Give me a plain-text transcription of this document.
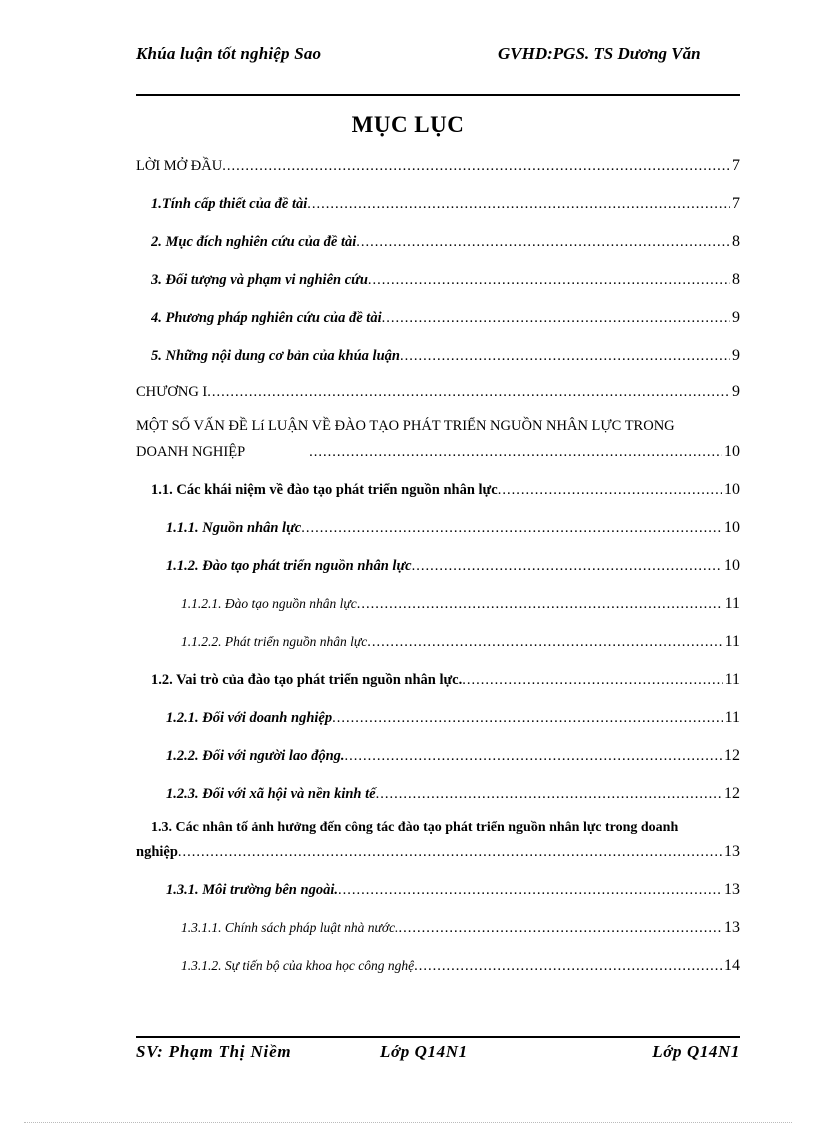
Khúa luận tốt nghiệp Sao	GVHD:PGS. TS Dương Văn
MỤC LỤC
LỜI MỞ ĐẦU .....	7
1.Tính cấp thiết của đề tài .....	7
2. Mục đích nghiên cứu của đề tài .....	8
3. Đối tượng và phạm vi nghiên cứu .....	8
4. Phương pháp nghiên cứu của đề tài .....	9
5. Những nội dung cơ bản của khúa luận .....	9
CHƯƠNG I .....	9
MỘT SỐ VẤN ĐỀ Lí LUẬN VỀ ĐÀO TẠO PHÁT TRIỂN NGUỒN NHÂN LỰC TRONG
DOANH NGHIỆP .....	10
1.1. Các khái niệm về đào tạo phát triển nguồn nhân lực .....	10
1.1.1. Nguồn nhân lực .....	10
1.1.2. Đào tạo phát triển nguồn nhân lực .....	10
1.1.2.1. Đào tạo nguồn nhân lực .....	11
1.1.2.2. Phát triển nguồn nhân lực .....	11
1.2. Vai trò của đào tạo phát triển nguồn nhân lực. .....	11
1.2.1. Đối với doanh nghiệp .....	11
1.2.2. Đối với người lao động. .....	12
1.2.3. Đối với xã hội và nền kinh tế .....	12
1.3. Các nhân tố ảnh hưởng đến công tác đào tạo phát triển nguồn nhân lực trong doanh
nghiệp .....	13
1.3.1. Môi trường bên ngoài. .....	13
1.3.1.1. Chính sách pháp luật nhà nước. .....	13
1.3.1.2. Sự tiến bộ của khoa học công nghệ .....	14
SV: Phạm Thị Niềm	Lớp Q14N1	Lớp Q14N1
